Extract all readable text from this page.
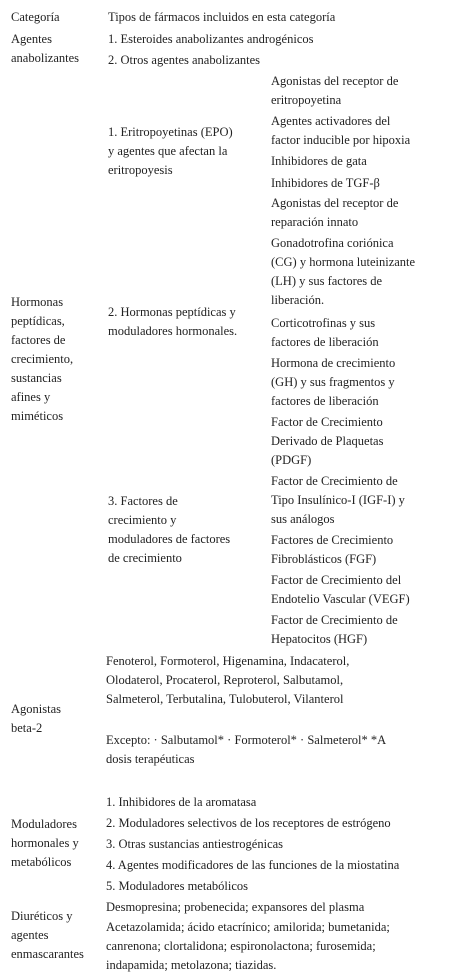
Categoría	Tipos de fármacos incluidos en esta categoría
Agentes
anabolizantes
1. Esteroides anabolizantes androgénicos
2. Otros agentes anabolizantes
Hormonas
peptídicas,
factores de
crecimiento,
sustancias
afines y
miméticos
1. Eritropoyetinas (EPO)
y agentes que afectan la
eritropoyesis
Agonistas del receptor de
eritropoyetina
Agentes activadores del
factor inducible por hipoxia
Inhibidores de gata
Inhibidores de TGF-β
Agonistas del receptor de
reparación innato
2. Hormonas peptídicas y
moduladores hormonales.
Gonadotrofina coriónica
(CG) y hormona luteinizante
(LH) y sus factores de
liberación.
Corticotrofinas y sus
factores de liberación
Hormona de crecimiento
(GH) y sus fragmentos y
factores de liberación
3. Factores de
crecimiento y
moduladores de factores
de crecimiento
Factor de Crecimiento
Derivado de Plaquetas
(PDGF)
Factor de Crecimiento de
Tipo Insulínico-I (IGF-I) y
sus análogos
Factores de Crecimiento
Fibroblásticos (FGF)
Factor de Crecimiento del
Endotelio Vascular (VEGF)
Factor de Crecimiento de
Hepatocitos (HGF)
Agonistas
beta-2
Fenoterol, Formoterol, Higenamina, Indacaterol,
Olodaterol, Procaterol, Reproterol, Salbutamol,
Salmeterol, Terbutalina, Tulobuterol, Vilanterol
Excepto: · Salbutamol* · Formoterol* · Salmeterol* *A
dosis terapéuticas
Moduladores
hormonales y
metabólicos
1. Inhibidores de la aromatasa
2. Moduladores selectivos de los receptores de estrógeno
3. Otras sustancias antiestrogénicas
4. Agentes modificadores de las funciones de la miostatina
5. Moduladores metabólicos
Diuréticos y
agentes
enmascarantes
Desmopresina; probenecida; expansores del plasma
Acetazolamida; ácido etacrínico; amilorida; bumetanida;
canrenona; clortalidona; espironolactona; furosemida;
indapamida; metolazona; tiazidas.
